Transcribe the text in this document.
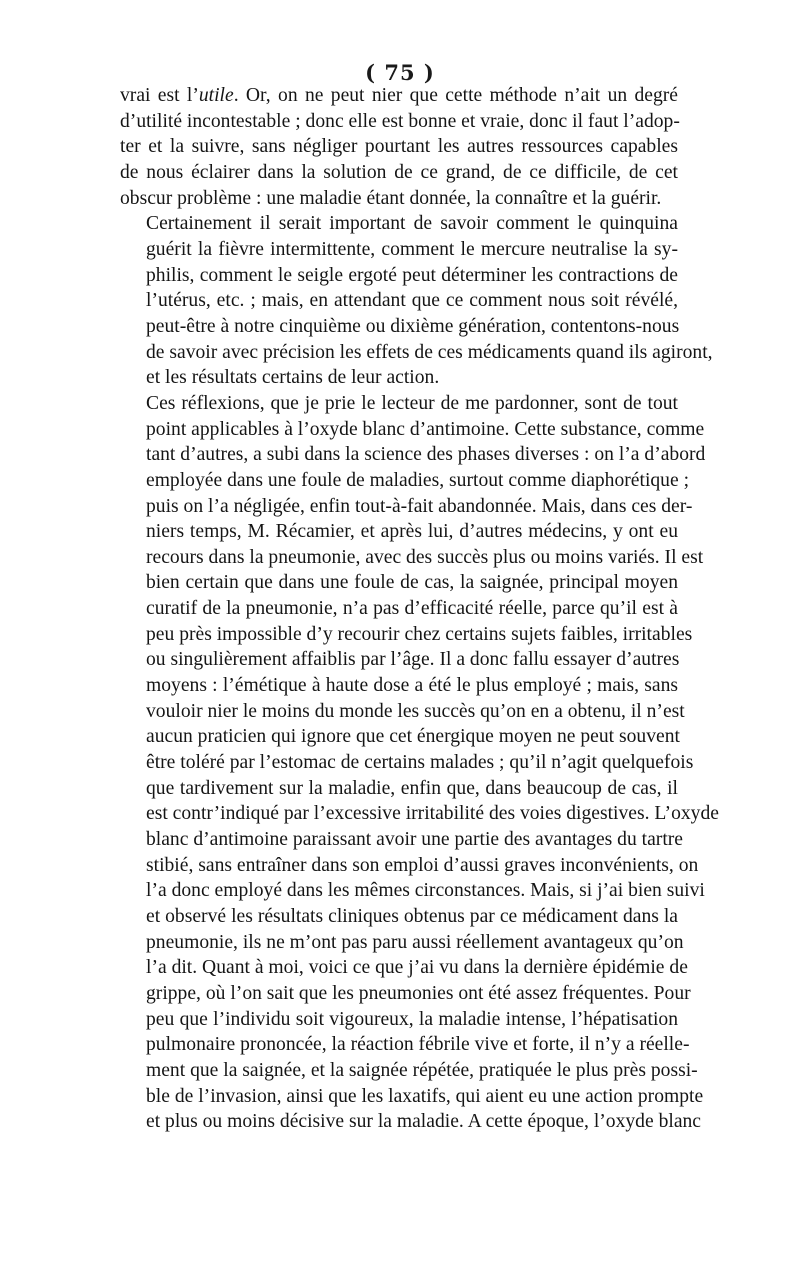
( 75 )

vrai est l’utile. Or, on ne peut nier que cette méthode n’ait un degré
d’utilité incontestable ; donc elle est bonne et vraie, donc il faut l’adop-
ter et la suivre, sans négliger pourtant les autres ressources capables
de nous éclairer dans la solution de ce grand, de ce difficile, de cet
obscur problème : une maladie étant donnée, la connaître et la guérir.

Certainement il serait important de savoir comment le quinquina
guérit la fièvre intermittente, comment le mercure neutralise la sy-
philis, comment le seigle ergoté peut déterminer les contractions de
l’utérus, etc. ; mais, en attendant que ce comment nous soit révélé,
peut-être à notre cinquième ou dixième génération, contentons-nous
de savoir avec précision les effets de ces médicaments quand ils agiront,
et les résultats certains de leur action.

Ces réflexions, que je prie le lecteur de me pardonner, sont de tout
point applicables à l’oxyde blanc d’antimoine. Cette substance, comme
tant d’autres, a subi dans la science des phases diverses : on l’a d’abord
employée dans une foule de maladies, surtout comme diaphorétique ;
puis on l’a négligée, enfin tout-à-fait abandonnée. Mais, dans ces der-
niers temps, M. Récamier, et après lui, d’autres médecins, y ont eu
recours dans la pneumonie, avec des succès plus ou moins variés. Il est
bien certain que dans une foule de cas, la saignée, principal moyen
curatif de la pneumonie, n’a pas d’efficacité réelle, parce qu’il est à
peu près impossible d’y recourir chez certains sujets faibles, irritables
ou singulièrement affaiblis par l’âge. Il a donc fallu essayer d’autres
moyens : l’émétique à haute dose a été le plus employé ; mais, sans
vouloir nier le moins du monde les succès qu’on en a obtenu, il n’est
aucun praticien qui ignore que cet énergique moyen ne peut souvent
être toléré par l’estomac de certains malades ; qu’il n’agit quelquefois
que tardivement sur la maladie, enfin que, dans beaucoup de cas, il
est contr’indiqué par l’excessive irritabilité des voies digestives. L’oxyde
blanc d’antimoine paraissant avoir une partie des avantages du tartre
stibié, sans entraîner dans son emploi d’aussi graves inconvénients, on
l’a donc employé dans les mêmes circonstances. Mais, si j’ai bien suivi
et observé les résultats cliniques obtenus par ce médicament dans la
pneumonie, ils ne m’ont pas paru aussi réellement avantageux qu’on
l’a dit. Quant à moi, voici ce que j’ai vu dans la dernière épidémie de
grippe, où l’on sait que les pneumonies ont été assez fréquentes. Pour
peu que l’individu soit vigoureux, la maladie intense, l’hépatisation
pulmonaire prononcée, la réaction fébrile vive et forte, il n’y a réelle-
ment que la saignée, et la saignée répétée, pratiquée le plus près possi-
ble de l’invasion, ainsi que les laxatifs, qui aient eu une action prompte
et plus ou moins décisive sur la maladie. A cette époque, l’oxyde blanc
